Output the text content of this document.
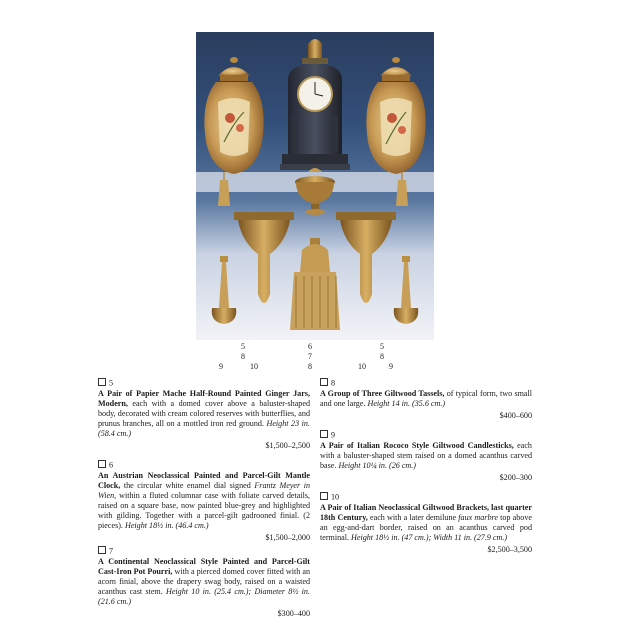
5	6	5
8	7	8
9	10	8	10	9
5
A Pair of Papier Mache Half-Round Painted Ginger Jars, Modern, each with a domed cover above a baluster-shaped body, decorated with cream colored reserves with butterflies, and prunus branches, all on a mottled iron red ground. Height 23 in. (58.4 cm.)
$1,500–2,500
6
An Austrian Neoclassical Painted and Parcel-Gilt Mantle Clock, the circular white enamel dial signed Frantz Meyer in Wien, within a fluted columnar case with foliate carved details, raised on a square base, now painted blue-grey and highlighted with gilding. Together with a parcel-gilt gadrooned finial. (2 pieces). Height 18½ in. (46.4 cm.)
$1,500–2,000
7
A Continental Neoclassical Style Painted and Parcel-Gilt Cast-Iron Pot Pourri, with a pierced domed cover fitted with an acorn finial, above the drapery swag body, raised on a waisted acanthus cast stem. Height 10 in. (25.4 cm.); Diameter 8½ in. (21.6 cm.)
$300–400
8
A Group of Three Giltwood Tassels, of typical form, two small and one large. Height 14 in. (35.6 cm.)
$400–600
9
A Pair of Italian Rococo Style Giltwood Candlesticks, each with a baluster-shaped stem raised on a domed acanthus carved base. Height 10¼ in. (26 cm.)
$200–300
10
A Pair of Italian Neoclassical Giltwood Brackets, last quarter 18th Century, each with a later demilune faux marbre top above an egg-and-dart border, raised on an acanthus carved pod terminal. Height 18½ in. (47 cm.); Width 11 in. (27.9 cm.)
$2,500–3,500
